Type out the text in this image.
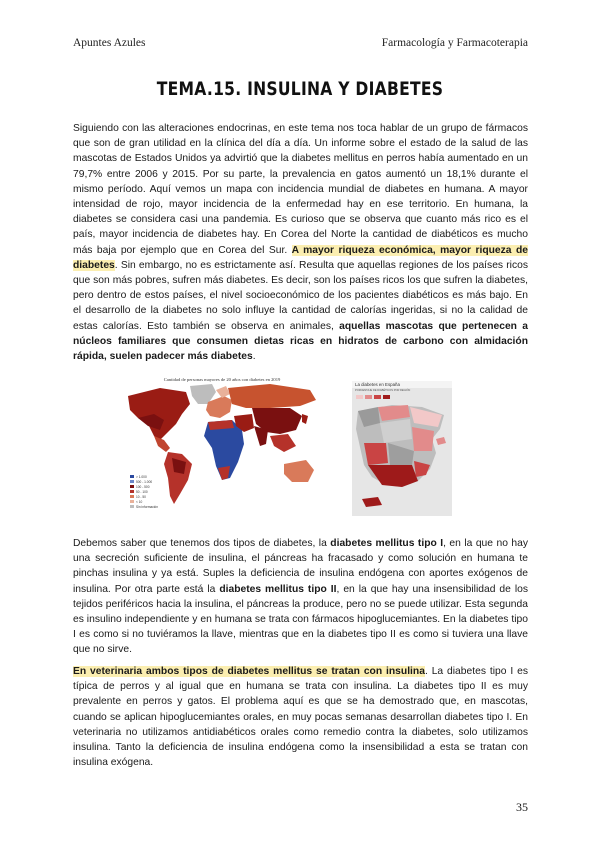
Apuntes Azules	Farmacología y Farmacoterapia
TEMA.15. INSULINA Y DIABETES

Siguiendo con las alteraciones endocrinas, en este tema nos toca hablar de un grupo de fármacos que son de gran utilidad en la clínica del día a día. Un informe sobre el estado de la salud de las mascotas de Estados Unidos ya advirtió que la diabetes mellitus en perros había aumentado en un 79,7% entre 2006 y 2015. Por su parte, la prevalencia en gatos aumentó un 18,1% durante el mismo período. Aquí vemos un mapa con incidencia mundial de diabetes en humana. A mayor intensidad de rojo, mayor incidencia de la enfermedad hay en ese territorio. En humana, la diabetes se considera casi una pandemia. Es curioso que se observa que cuanto más rico es el país, mayor incidencia de diabetes hay. En Corea del Norte la cantidad de diabéticos es mucho más baja por ejemplo que en Corea del Sur. A mayor riqueza económica, mayor riqueza de diabetes. Sin embargo, no es estrictamente así. Resulta que aquellas regiones de los países ricos que son más pobres, sufren más diabetes. Es decir, son los países ricos los que sufren la diabetes, pero dentro de estos países, el nivel socioeconómico de los pacientes diabéticos es más bajo. En el desarrollo de la diabetes no solo influye la cantidad de calorías ingeridas, si no la calidad de estas calorías. Esto también se observa en animales, aquellas mascotas que pertenecen a núcleos familiares que consumen dietas ricas en hidratos de carbono con almidación rápida, suelen padecer más diabetes.

Cantidad de personas mayores de 20 años con diabetes en 2019
> 1.000
500 - 1.000
100 - 500
50 - 100
10 - 50
< 10
Sin información
La diabetes en España
PORCENTAJE DE DIABÉTICOS POR REGIÓN

Debemos saber que tenemos dos tipos de diabetes, la diabetes mellitus tipo I, en la que no hay una secreción suficiente de insulina, el páncreas ha fracasado y como solución en humana te pinchas insulina y ya está. Suples la deficiencia de insulina endógena con aportes exógenos de insulina. Por otra parte está la diabetes mellitus tipo II, en la que hay una insensibilidad de los tejidos periféricos hacia la insulina, el páncreas la produce, pero no se puede utilizar. Esta segunda es insulino independiente y en humana se trata con fármacos hipoglucemiantes. En la diabetes tipo I es como si no tuviéramos la llave, mientras que en la diabetes tipo II es como si tuviera una llave que no sirve.

En veterinaria ambos tipos de diabetes mellitus se tratan con insulina. La diabetes tipo I es típica de perros y al igual que en humana se trata con insulina. La diabetes tipo II es muy prevalente en perros y gatos. El problema aquí es que se ha demostrado que, en mascotas, cuando se aplican hipoglucemiantes orales, en muy pocas semanas desarrollan diabetes tipo I. En veterinaria no utilizamos antidiabéticos orales como remedio contra la diabetes, solo utilizamos insulina. Tanto la deficiencia de insulina endógena como la insensibilidad a esta se tratan con insulina exógena.

35
